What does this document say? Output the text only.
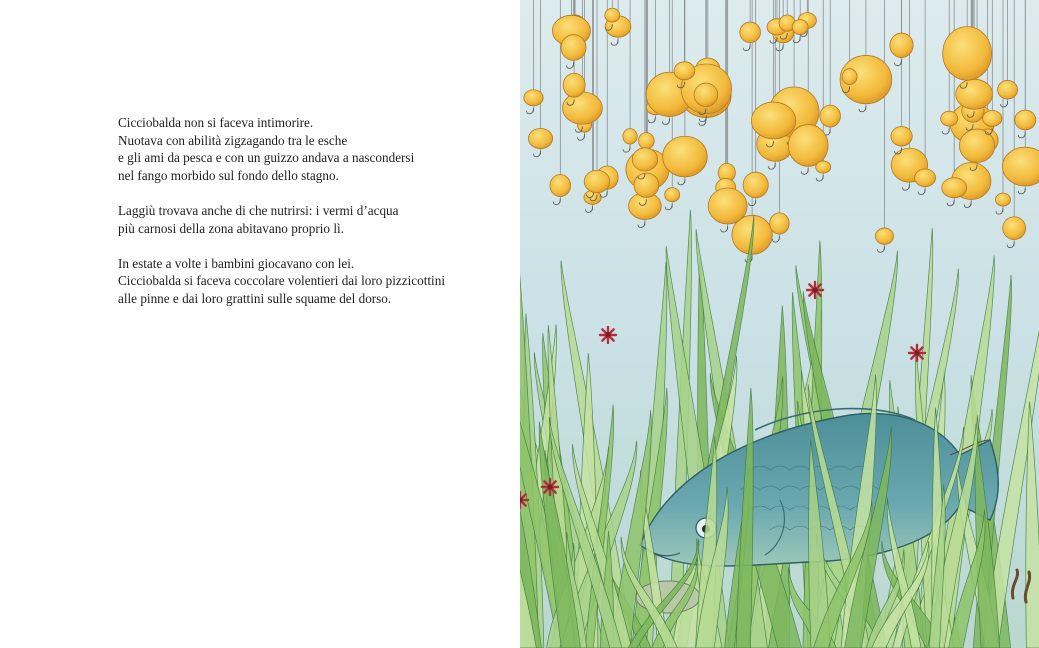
Cicciobalda non si faceva intimorire.
Nuotava con abilità zigzagando tra le esche
e gli ami da pesca e con un guizzo andava a nascondersi
nel fango morbido sul fondo dello stagno.

Laggiù trovava anche di che nutrirsi: i vermi d’acqua
più carnosi della zona abitavano proprio lì.

In estate a volte i bambini giocavano con lei.
Cicciobalda si faceva coccolare volentieri dai loro pizzicottini
alle pinne e dai loro grattini sulle squame del dorso.
